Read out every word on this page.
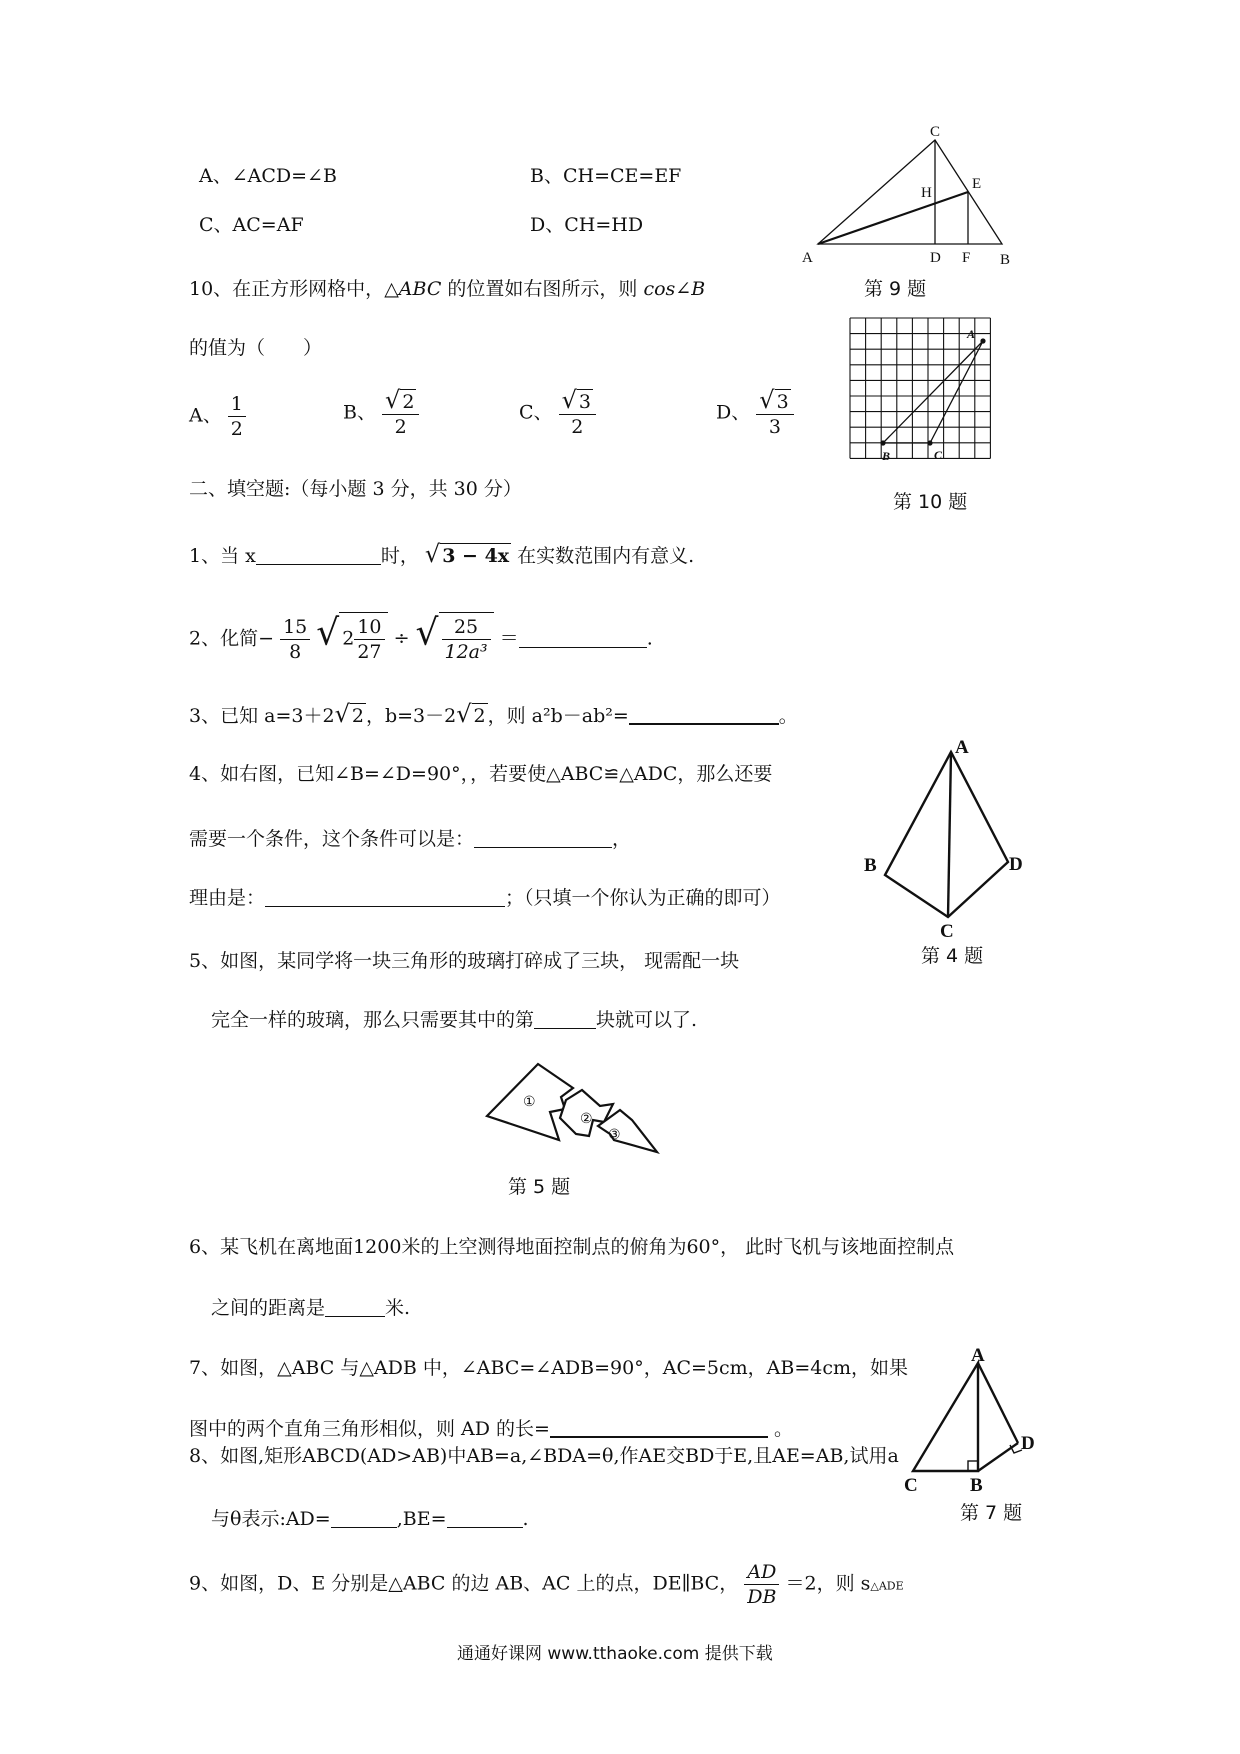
A、∠ACD=∠B	B、CH=CE=EF
C、AC=AF	D、CH=HD
A
C
D F B
H
E
第 9 题
10、在正方形网格中，△ABC 的位置如右图所示，则 cos∠B
的值为（　　）
A、 $\frac{1}{2}$	B、 $\frac{√ 2}{2}$	C、 $\frac{√ 3}{2}$	D、 $\frac{√ 3}{3}$
A
B	C
第 10 题
二、填空题:（每小题 3 分，共 30 分）
1、当 x	时， √ 3 − 4x 在实数范围内有意义.
2、化简− $\frac{15}{8}$ √ $2 \frac{10}{27}$ ÷ √ $\frac{25}{\text{12a³}}$ ＝	.
3、已知 a=3＋2√ 2 ，b=3－2√ 2 ，则 a²b－ab²=	。
4、如右图，已知∠B=∠D=90°，，若要使△ABC≌△ADC，那么还要
需要一个条件，这个条件可以是：	，
理由是：	；（只填一个你认为正确的即可）
A
B	D
C
第 4 题
5、如图，某同学将一块三角形的玻璃打碎成了三块， 现需配一块
完全一样的玻璃，那么只需要其中的第	块就可以了.
①
②
③
第 5 题
6、某飞机在离地面1200米的上空测得地面控制点的俯角为60°， 此时飞机与该地面控制点
之间的距离是	米.
7、如图，△ABC 与△ADB 中，∠ABC=∠ADB=90°，AC=5cm，AB=4cm，如果
图中的两个直角三角形相似，则 AD 的长=	。
A
C	B
D
第 7 题
8、如图,矩形ABCD(AD>AB)中AB=a,∠BDA=θ,作AE交BD于E,且AE=AB,试用a
与θ表示:AD=	,BE=	.
9、如图，D、E 分别是△ABC 的边 AB、AC 上的点，DE∥BC， $\frac{AD}{DB} =2$，则 s△ADE
通通好课网 www.tthaoke.com 提供下载
